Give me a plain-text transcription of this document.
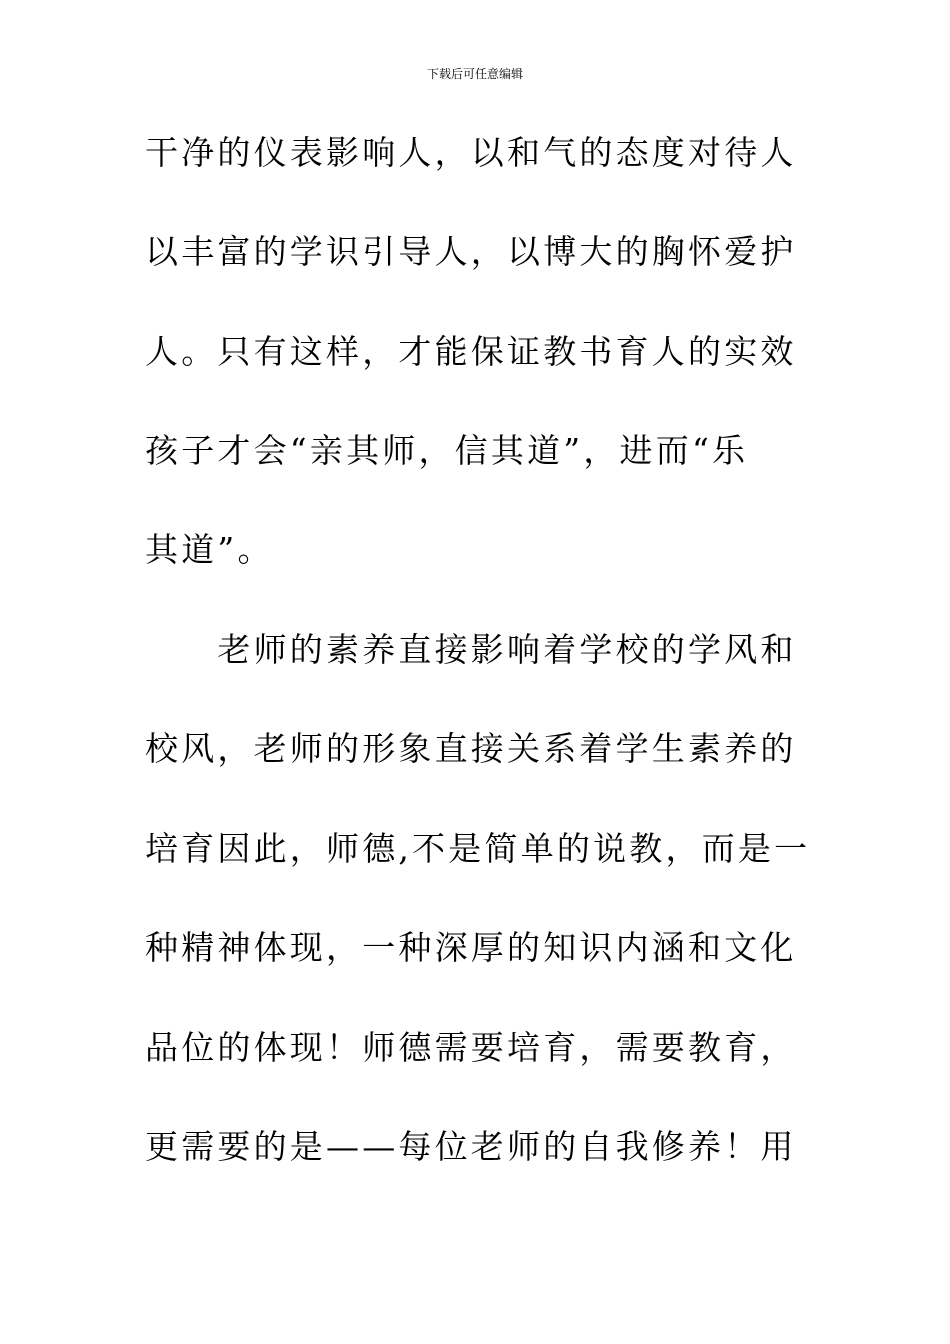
下载后可任意编辑
干净的仪表影响人，以和气的态度对待人
以丰富的学识引导人，以博大的胸怀爱护
人。只有这样，才能保证教书育人的实效
孩子才会“亲其师，信其道”，进而“乐
其道”。
　　老师的素养直接影响着学校的学风和
校风，老师的形象直接关系着学生素养的
培育因此，师德,不是简单的说教，而是一
种精神体现，一种深厚的知识内涵和文化
品位的体现！师德需要培育，需要教育，
更需要的是——每位老师的自我修养！用
